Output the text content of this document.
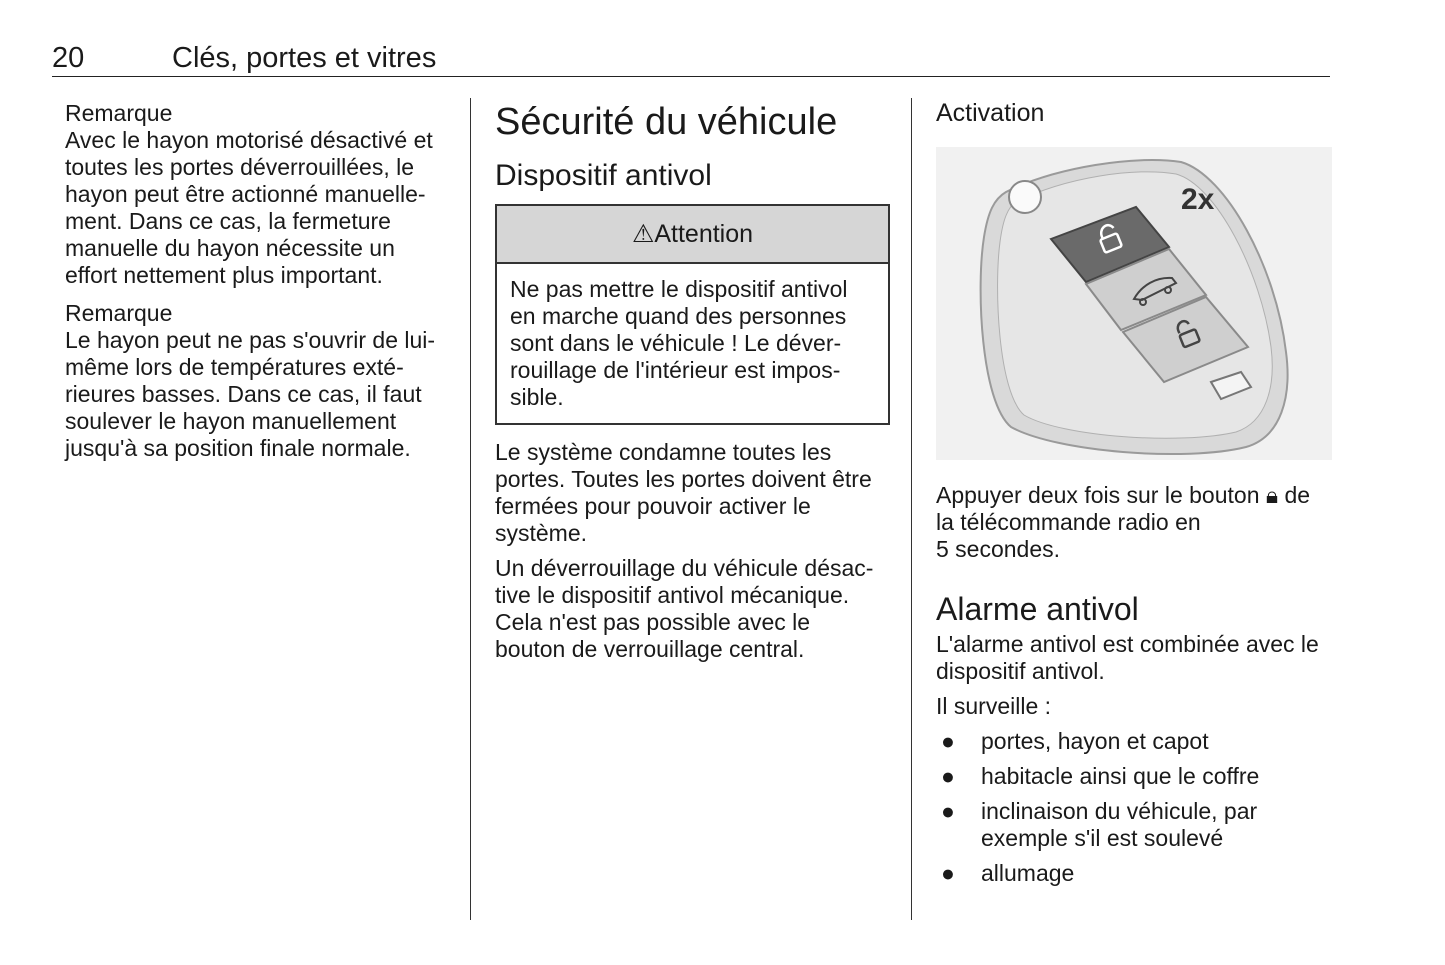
20	Clés, portes et vitres
Remarque

Avec le hayon motorisé désactivé et
toutes les portes déverrouillées, le
hayon peut être actionné manuelle-
ment. Dans ce cas, la fermeture
manuelle du hayon nécessite un
effort nettement plus important.

Remarque

Le hayon peut ne pas s'ouvrir de lui-
même lors de températures exté-
rieures basses. Dans ce cas, il faut
soulever le hayon manuellement
jusqu'à sa position finale normale.

Sécurité du véhicule
Dispositif antivol
⚠Attention
Ne pas mettre le dispositif antivol
en marche quand des personnes
sont dans le véhicule ! Le déver-
rouillage de l'intérieur est impos-
sible.

Le système condamne toutes les
portes. Toutes les portes doivent être
fermées pour pouvoir activer le
système.

Un déverrouillage du véhicule désac-
tive le dispositif antivol mécanique.
Cela n'est pas possible avec le
bouton de verrouillage central.

Activation
2x

Appuyer deux fois sur le bouton 🔒︎ de
la télécommande radio en
5 secondes.

Alarme antivol

L'alarme antivol est combinée avec le
dispositif antivol.

Il surveille :

● portes, hayon et capot
● habitacle ainsi que le coffre
● inclinaison du véhicule, par
exemple s'il est soulevé
● allumage
